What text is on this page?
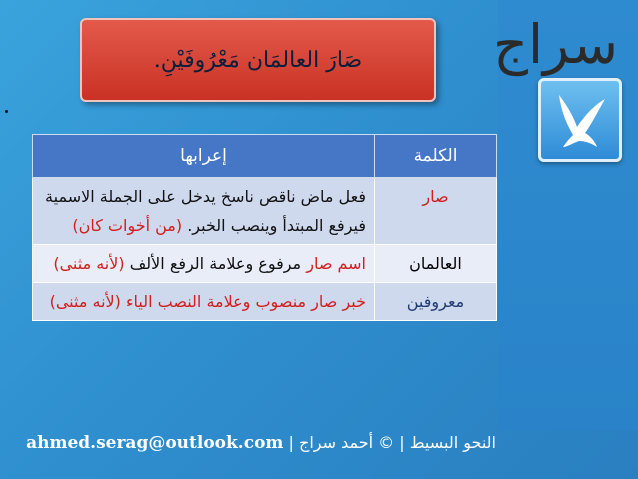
سراج
صَارَ العالمَان مَعْرُوفَيْنِ.
الكلمة	إعرابها
صار	فعل ماض ناقص ناسخ يدخل على الجملة الاسمية فيرفع المبتدأ وينصب الخبر. (من أخوات كان)
العالمان	اسم صار مرفوع وعلامة الرفع الألف (لأنه مثنى)
معروفين	خبر صار منصوب وعلامة النصب الياء (لأنه مثنى)
النحو البسيط | © أحمد سراج | ahmed.serag@outlook.com
